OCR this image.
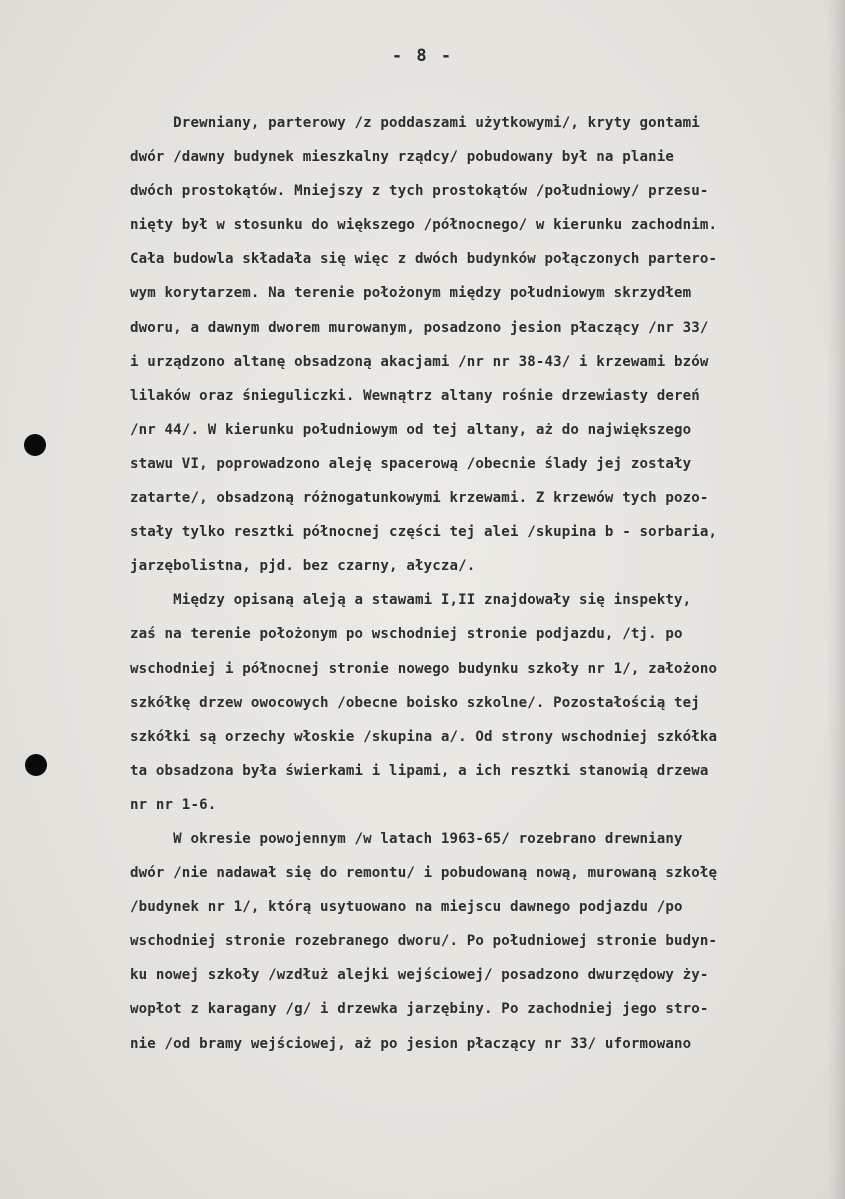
- 8 -
Drewniany, parterowy /z poddaszami użytkowymi/, kryty gontami
dwór /dawny budynek mieszkalny rządcy/ pobudowany był na planie
dwóch prostokątów. Mniejszy z tych prostokątów /południowy/ przesu-
nięty był w stosunku do większego /północnego/ w kierunku zachodnim.
Cała budowla składała się więc z dwóch budynków połączonych partero-
wym korytarzem. Na terenie położonym między południowym skrzydłem
dworu, a dawnym dworem murowanym, posadzono jesion płaczący /nr 33/
i urządzono altanę obsadzoną akacjami /nr nr 38-43/ i krzewami bzów
lilaków oraz śnieguliczki. Wewnątrz altany rośnie drzewiasty dereń
/nr 44/. W kierunku południowym od tej altany, aż do największego
stawu VI, poprowadzono aleję spacerową /obecnie ślady jej zostały
zatarte/, obsadzoną różnogatunkowymi krzewami. Z krzewów tych pozo-
stały tylko resztki północnej części tej alei /skupina b - sorbaria,
jarzębolistna, pjd. bez czarny, ałycza/.
Między opisaną aleją a stawami I,II znajdowały się inspekty,
zaś na terenie położonym po wschodniej stronie podjazdu, /tj. po
wschodniej i północnej stronie nowego budynku szkoły nr 1/, założono
szkółkę drzew owocowych /obecne boisko szkolne/. Pozostałością tej
szkółki są orzechy włoskie /skupina a/. Od strony wschodniej szkółka
ta obsadzona była świerkami i lipami, a ich resztki stanowią drzewa
nr nr 1-6.
W okresie powojennym /w latach 1963-65/ rozebrano drewniany
dwór /nie nadawał się do remontu/ i pobudowaną nową, murowaną szkołę
/budynek nr 1/, którą usytuowano na miejscu dawnego podjazdu /po
wschodniej stronie rozebranego dworu/. Po południowej stronie budyn-
ku nowej szkoły /wzdłuż alejki wejściowej/ posadzono dwurzędowy ży-
wopłot z karagany /g/ i drzewka jarzębiny. Po zachodniej jego stro-
nie /od bramy wejściowej, aż po jesion płaczący nr 33/ uformowano
